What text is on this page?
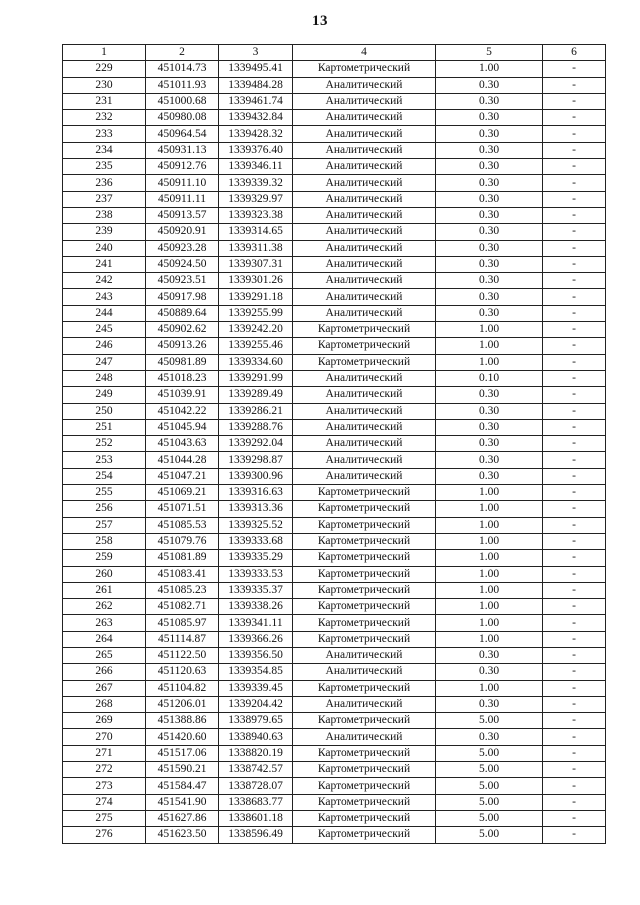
13
1	2	3	4	5	6
229	451014.73	1339495.41	Картометрический	1.00	-
230	451011.93	1339484.28	Аналитический	0.30	-
231	451000.68	1339461.74	Аналитический	0.30	-
232	450980.08	1339432.84	Аналитический	0.30	-
233	450964.54	1339428.32	Аналитический	0.30	-
234	450931.13	1339376.40	Аналитический	0.30	-
235	450912.76	1339346.11	Аналитический	0.30	-
236	450911.10	1339339.32	Аналитический	0.30	-
237	450911.11	1339329.97	Аналитический	0.30	-
238	450913.57	1339323.38	Аналитический	0.30	-
239	450920.91	1339314.65	Аналитический	0.30	-
240	450923.28	1339311.38	Аналитический	0.30	-
241	450924.50	1339307.31	Аналитический	0.30	-
242	450923.51	1339301.26	Аналитический	0.30	-
243	450917.98	1339291.18	Аналитический	0.30	-
244	450889.64	1339255.99	Аналитический	0.30	-
245	450902.62	1339242.20	Картометрический	1.00	-
246	450913.26	1339255.46	Картометрический	1.00	-
247	450981.89	1339334.60	Картометрический	1.00	-
248	451018.23	1339291.99	Аналитический	0.10	-
249	451039.91	1339289.49	Аналитический	0.30	-
250	451042.22	1339286.21	Аналитический	0.30	-
251	451045.94	1339288.76	Аналитический	0.30	-
252	451043.63	1339292.04	Аналитический	0.30	-
253	451044.28	1339298.87	Аналитический	0.30	-
254	451047.21	1339300.96	Аналитический	0.30	-
255	451069.21	1339316.63	Картометрический	1.00	-
256	451071.51	1339313.36	Картометрический	1.00	-
257	451085.53	1339325.52	Картометрический	1.00	-
258	451079.76	1339333.68	Картометрический	1.00	-
259	451081.89	1339335.29	Картометрический	1.00	-
260	451083.41	1339333.53	Картометрический	1.00	-
261	451085.23	1339335.37	Картометрический	1.00	-
262	451082.71	1339338.26	Картометрический	1.00	-
263	451085.97	1339341.11	Картометрический	1.00	-
264	451114.87	1339366.26	Картометрический	1.00	-
265	451122.50	1339356.50	Аналитический	0.30	-
266	451120.63	1339354.85	Аналитический	0.30	-
267	451104.82	1339339.45	Картометрический	1.00	-
268	451206.01	1339204.42	Аналитический	0.30	-
269	451388.86	1338979.65	Картометрический	5.00	-
270	451420.60	1338940.63	Аналитический	0.30	-
271	451517.06	1338820.19	Картометрический	5.00	-
272	451590.21	1338742.57	Картометрический	5.00	-
273	451584.47	1338728.07	Картометрический	5.00	-
274	451541.90	1338683.77	Картометрический	5.00	-
275	451627.86	1338601.18	Картометрический	5.00	-
276	451623.50	1338596.49	Картометрический	5.00	-
